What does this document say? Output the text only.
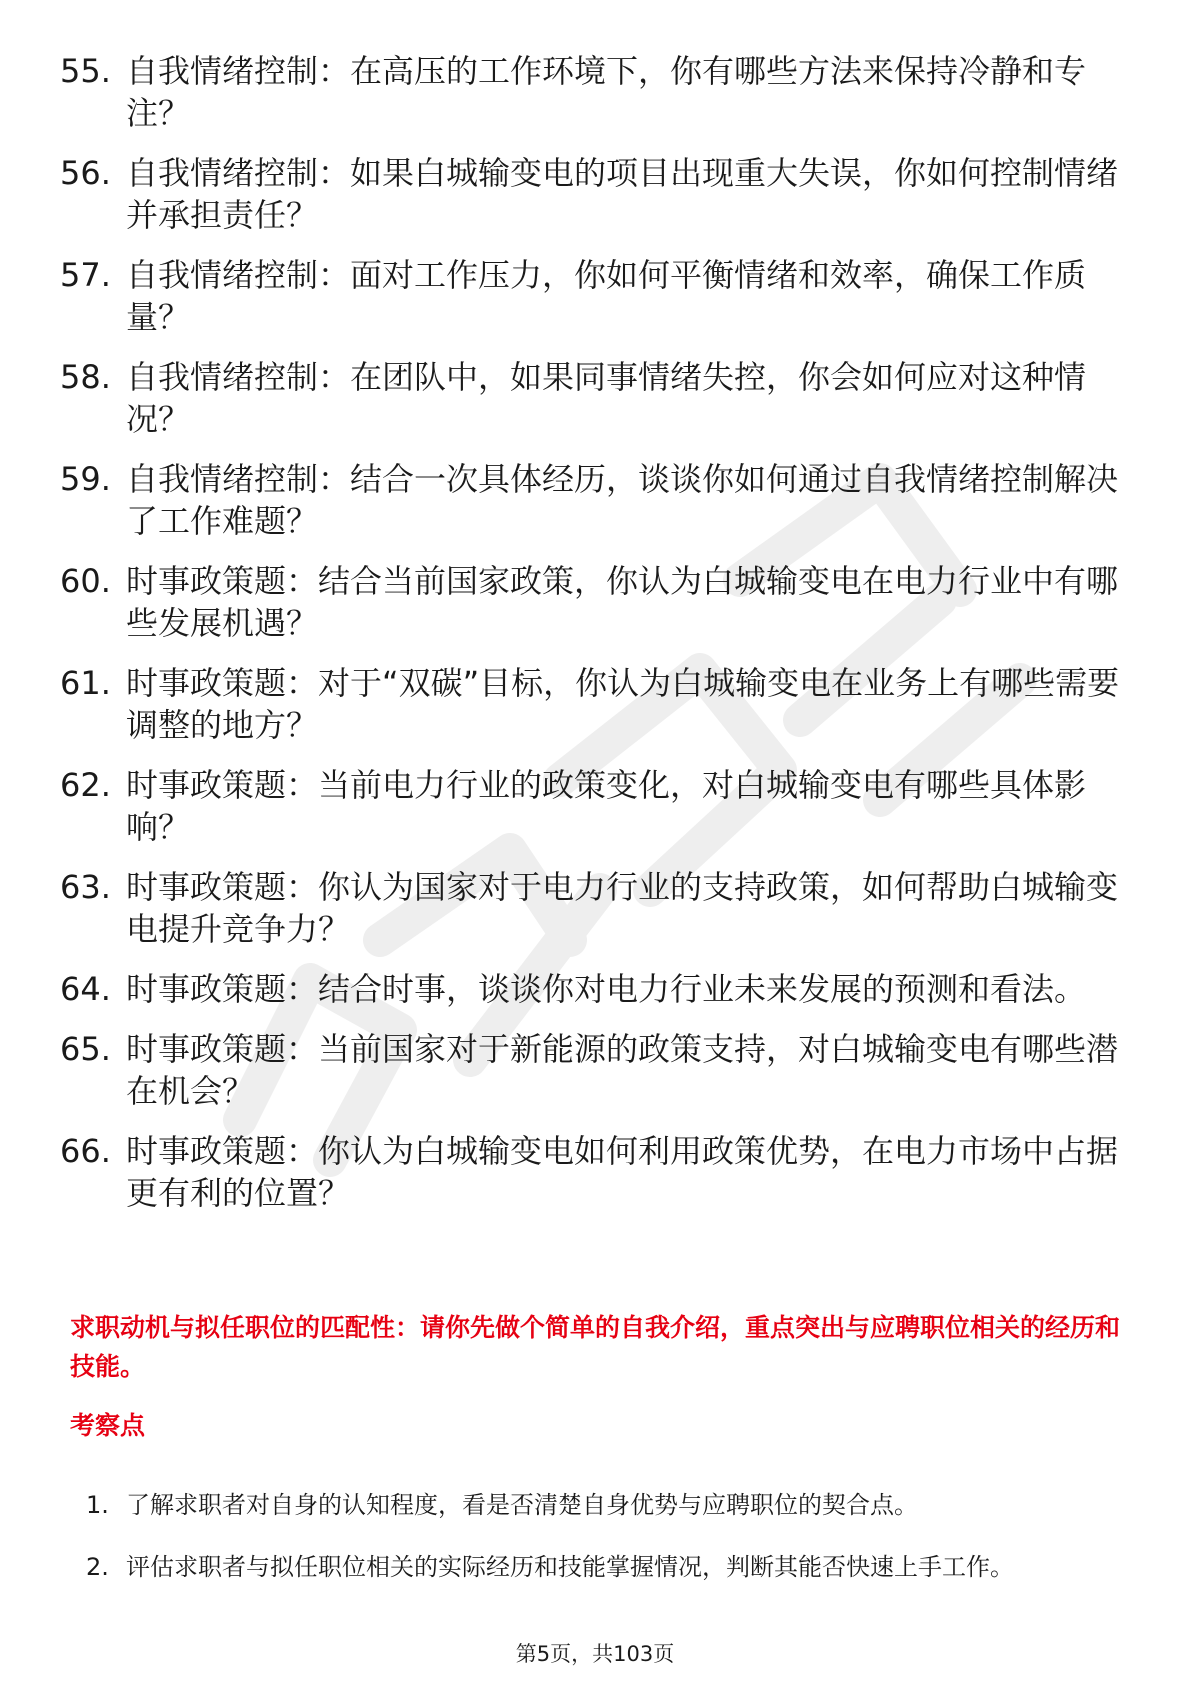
55. 自我情绪控制：在高压的工作环境下，你有哪些方法来保持冷静和专注？
56. 自我情绪控制：如果白城输变电的项目出现重大失误，你如何控制情绪并承担责任？
57. 自我情绪控制：面对工作压力，你如何平衡情绪和效率，确保工作质量？
58. 自我情绪控制：在团队中，如果同事情绪失控，你会如何应对这种情况？
59. 自我情绪控制：结合一次具体经历，谈谈你如何通过自我情绪控制解决了工作难题？
60. 时事政策题：结合当前国家政策，你认为白城输变电在电力行业中有哪些发展机遇？
61. 时事政策题：对于“双碳”目标，你认为白城输变电在业务上有哪些需要调整的地方？
62. 时事政策题：当前电力行业的政策变化，对白城输变电有哪些具体影响？
63. 时事政策题：你认为国家对于电力行业的支持政策，如何帮助白城输变电提升竞争力？
64. 时事政策题：结合时事，谈谈你对电力行业未来发展的预测和看法。
65. 时事政策题：当前国家对于新能源的政策支持，对白城输变电有哪些潜在机会？
66. 时事政策题：你认为白城输变电如何利用政策优势，在电力市场中占据更有利的位置？

求职动机与拟任职位的匹配性：请你先做个简单的自我介绍，重点突出与应聘职位相关的经历和技能。

考察点

1. 了解求职者对自身的认知程度，看是否清楚自身优势与应聘职位的契合点。
2. 评估求职者与拟任职位相关的实际经历和技能掌握情况，判断其能否快速上手工作。
第5页，共103页
